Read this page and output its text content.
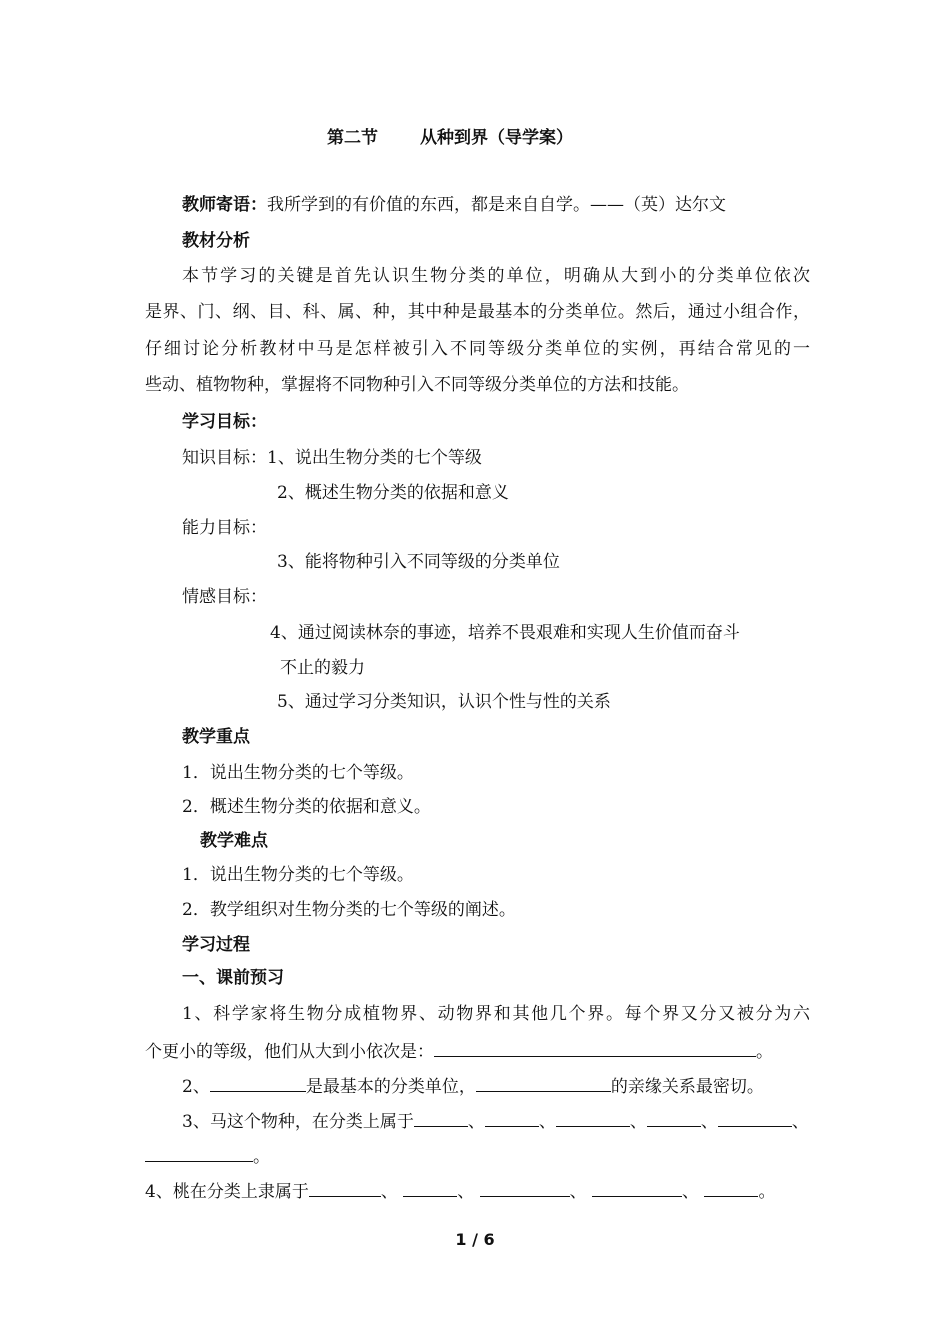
第二节 从种到界（导学案）
教师寄语：我所学到的有价值的东西，都是来自自学。——（英）达尔文
教材分析
本节学习的关键是首先认识生物分类的单位，明确从大到小的分类单位依次
是界、门、纲、目、科、属、种，其中种是最基本的分类单位。然后，通过小组合作，
仔细讨论分析教材中马是怎样被引入不同等级分类单位的实例，再结合常见的一
些动、植物物种，掌握将不同物种引入不同等级分类单位的方法和技能。
学习目标：
知识目标：1、说出生物分类的七个等级
2、概述生物分类的依据和意义
能力目标：
3、能将物种引入不同等级的分类单位
情感目标：
4、通过阅读林奈的事迹，培养不畏艰难和实现人生价值而奋斗
不止的毅力
5、通过学习分类知识，认识个性与性的关系
教学重点
1．说出生物分类的七个等级。
2．概述生物分类的依据和意义。
教学难点
1．说出生物分类的七个等级。
2．教学组织对生物分类的七个等级的阐述。
学习过程
一、课前预习
1、科学家将生物分成植物界、动物界和其他几个界。每个界又分又被分为六
个更小的等级，他们从大到小依次是：	。
2、	是最基本的分类单位，	的亲缘关系最密切。
3、马这个物种，在分类上属于	、	、	、	、	、
。
4、桃在分类上隶属于	、	、	、	、	。
1 / 6
